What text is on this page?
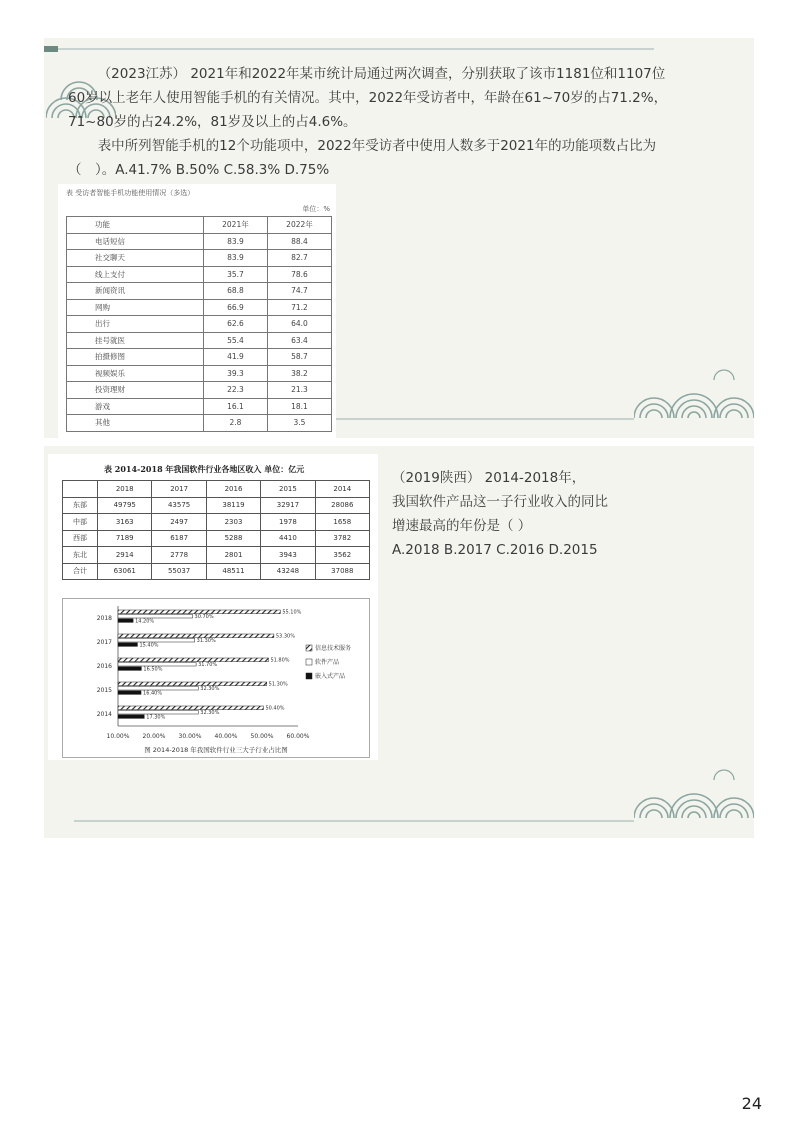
（2023江苏） 2021年和2022年某市统计局通过两次调查，分别获取了该市1181位和1107位60岁以上老年人使用智能手机的有关情况。其中，2022年受访者中，年龄在61~70岁的占71.2%，71~80岁的占24.2%，81岁及以上的占4.6%。

表中所列智能手机的12个功能项中，2022年受访者中使用人数多于2021年的功能项数占比为（　）。A.41.7% B.50% C.58.3% D.75%

表 受访者智能手机功能使用情况（多选）
单位：%
功能	2021年	2022年
电话短信	83.9	88.4
社交聊天	83.9	82.7
线上支付	35.7	78.6
新闻资讯	68.8	74.7
网购	66.9	71.2
出行	62.6	64.0
挂号就医	55.4	63.4
拍摄修图	41.9	58.7
视频娱乐	39.3	38.2
投资理财	22.3	21.3
游戏	16.1	18.1
其他	2.8	3.5
表 2014-2018 年我国软件行业各地区收入 单位：亿元
	2018	2017	2016	2015	2014
东部	49795	43575	38119	32917	28086
中部	3163	2497	2303	1978	1658
西部	7189	6187	5288	4410	3782
东北	2914	2778	2801	3943	3562
合计	63061	55037	48511	43248	37088
10.00% 20.00% 30.00% 40.00% 50.00% 60.00%
2018
55.10%
30.70%
14.20%
2017
53.30%
31.30%
15.40%
2016
51.80%
31.70%
16.50%
2015
51.30%
32.30%
16.40%
2014
50.40%
32.30%
17.30%
信息技术服务
软件产品
嵌入式产品
图 2014-2018 年我国软件行业三大子行业占比图

（2019陕西） 2014-2018年，

我国软件产品这一子行业收入的同比

增速最高的年份是（ ）

A.2018 B.2017 C.2016 D.2015

24
